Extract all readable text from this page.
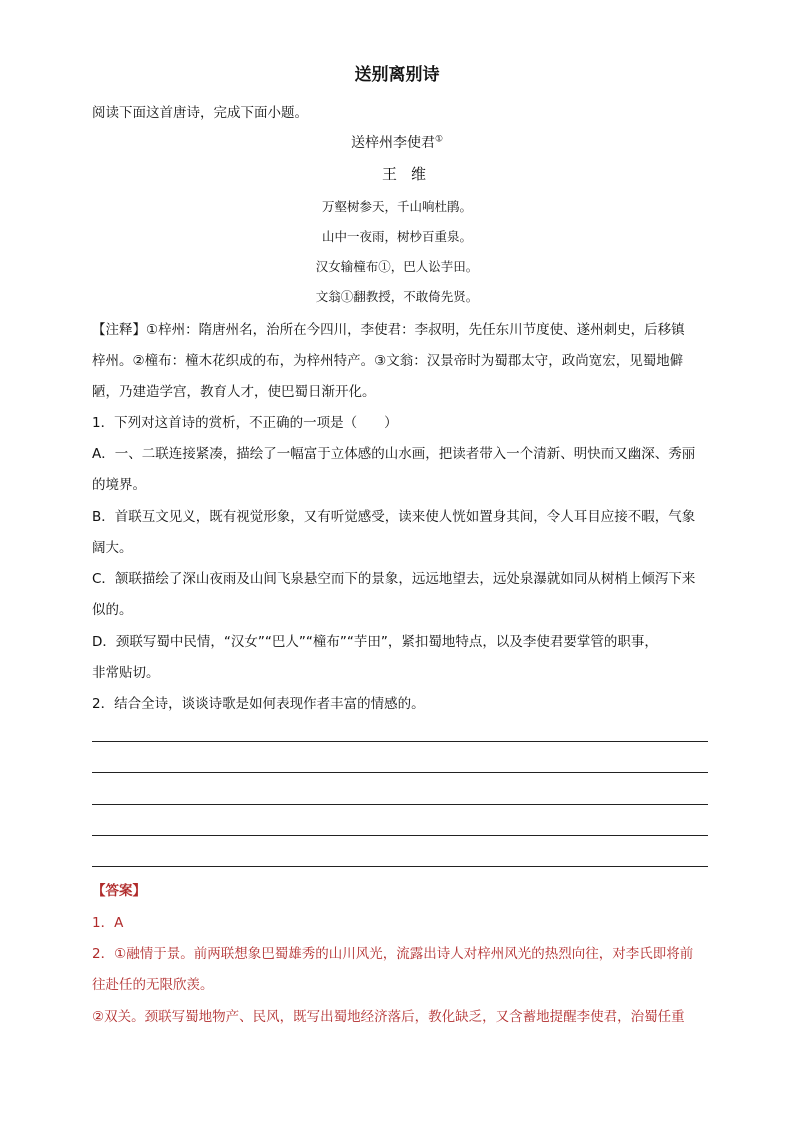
送别离别诗
阅读下面这首唐诗，完成下面小题。
送梓州李使君①
王维
万壑树参天，千山响杜鹃。
山中一夜雨，树杪百重泉。
汉女输橦布①，巴人讼芋田。
文翁①翻教授，不敢倚先贤。
【注释】①梓州：隋唐州名，治所在今四川，李使君：李叔明，先任东川节度使、遂州刺史，后移镇
梓州。②橦布：橦木花织成的布，为梓州特产。③文翁：汉景帝时为蜀郡太守，政尚宽宏，见蜀地僻
陋，乃建造学宫，教育人才，使巴蜀日渐开化。
1．下列对这首诗的赏析，不正确的一项是（　　）
A．一、二联连接紧凑，描绘了一幅富于立体感的山水画，把读者带入一个清新、明快而又幽深、秀丽
的境界。
B．首联互文见义，既有视觉形象，又有听觉感受，读来使人恍如置身其间，令人耳目应接不暇，气象
阔大。
C．颔联描绘了深山夜雨及山间飞泉悬空而下的景象，远远地望去，远处泉瀑就如同从树梢上倾泻下来
似的。
D．颈联写蜀中民情，“汉女”“巴人”“橦布”“芋田”，紧扣蜀地特点，以及李使君要掌管的职事，
非常贴切。
2．结合全诗，谈谈诗歌是如何表现作者丰富的情感的。
【答案】
1．A
2．①融情于景。前两联想象巴蜀雄秀的山川风光，流露出诗人对梓州风光的热烈向往，对李氏即将前
往赴任的无限欣羡。
②双关。颈联写蜀地物产、民风，既写出蜀地经济落后，教化缺乏，又含蓄地提醒李使君，治蜀任重
